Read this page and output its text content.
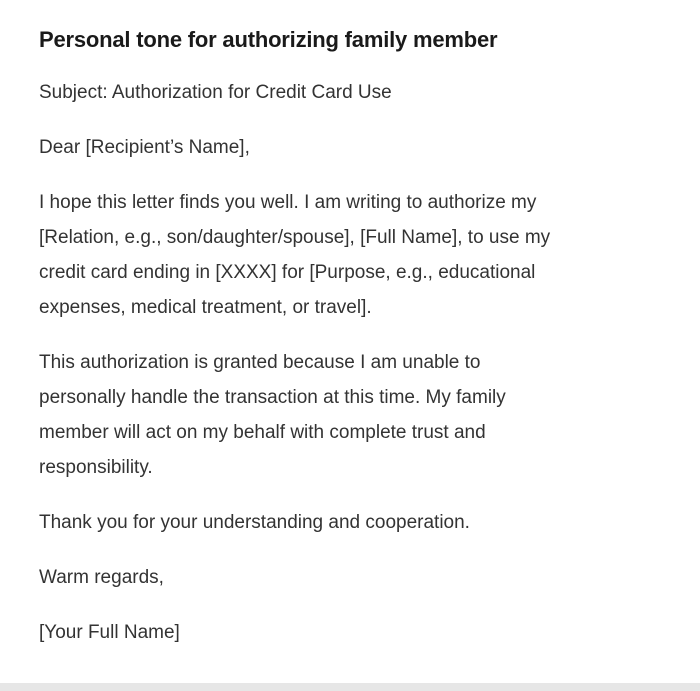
Personal tone for authorizing family member

Subject: Authorization for Credit Card Use

Dear [Recipient’s Name],

I hope this letter finds you well. I am writing to authorize my
[Relation, e.g., son/daughter/spouse], [Full Name], to use my
credit card ending in [XXXX] for [Purpose, e.g., educational
expenses, medical treatment, or travel].
This authorization is granted because I am unable to
personally handle the transaction at this time. My family
member will act on my behalf with complete trust and
responsibility.

Thank you for your understanding and cooperation.

Warm regards,

[Your Full Name]
